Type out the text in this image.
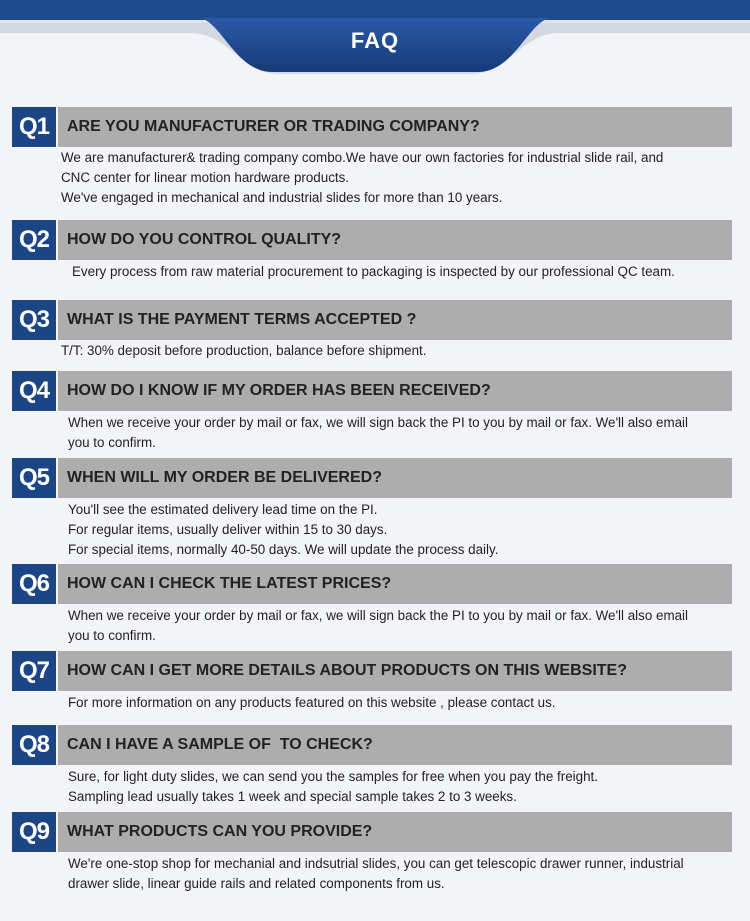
FAQ
Q1	ARE YOU MANUFACTURER OR TRADING COMPANY?
We are manufacturer& trading company combo.We have our own factories for industrial slide rail, and
CNC center for linear motion hardware products.
We've engaged in mechanical and industrial slides for more than 10 years.
Q2	HOW DO YOU CONTROL QUALITY?
Every process from raw material procurement to packaging is inspected by our professional QC team.
Q3	WHAT IS THE PAYMENT TERMS ACCEPTED ?
T/T: 30% deposit before production, balance before shipment.
Q4	HOW DO I KNOW IF MY ORDER HAS BEEN RECEIVED?
When we receive your order by mail or fax, we will sign back the PI to you by mail or fax. We'll also email
you to confirm.
Q5	WHEN WILL MY ORDER BE DELIVERED?
You'll see the estimated delivery lead time on the PI.
For regular items, usually deliver within 15 to 30 days.
For special items, normally 40-50 days. We will update the process daily.
Q6	HOW CAN I CHECK THE LATEST PRICES?
When we receive your order by mail or fax, we will sign back the PI to you by mail or fax. We'll also email
you to confirm.
Q7	HOW CAN I GET MORE DETAILS ABOUT PRODUCTS ON THIS WEBSITE?
For more information on any products featured on this website , please contact us.
Q8	CAN I HAVE A SAMPLE OF  TO CHECK?
Sure, for light duty slides, we can send you the samples for free when you pay the freight.
Sampling lead usually takes 1 week and special sample takes 2 to 3 weeks.
Q9	WHAT PRODUCTS CAN YOU PROVIDE?
We're one-stop shop for mechanial and indsutrial slides, you can get telescopic drawer runner, industrial
drawer slide, linear guide rails and related components from us.
